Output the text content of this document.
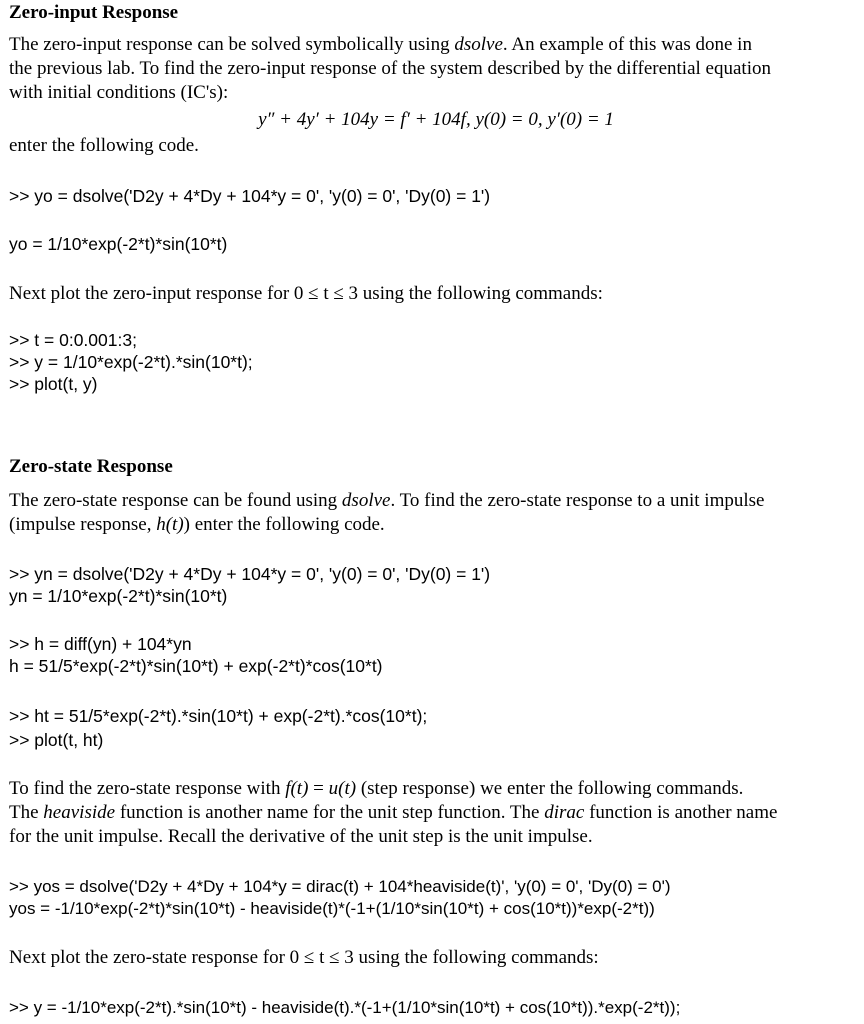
Zero-input Response
The zero-input response can be solved symbolically using dsolve. An example of this was done in
the previous lab. To find the zero-input response of the system described by the differential equation
with initial conditions (IC's):
y″ + 4y′ + 104y = f′ + 104f, y(0) = 0, y′(0) = 1
enter the following code.
>> yo = dsolve('D2y + 4*Dy + 104*y = 0', 'y(0) = 0', 'Dy(0) = 1')
yo = 1/10*exp(-2*t)*sin(10*t)
Next plot the zero-input response for 0 ≤ t ≤ 3 using the following commands:
>> t = 0:0.001:3;
>> y = 1/10*exp(-2*t).*sin(10*t);
>> plot(t, y)
Zero-state Response
The zero-state response can be found using dsolve. To find the zero-state response to a unit impulse
(impulse response, h(t)) enter the following code.
>> yn = dsolve('D2y + 4*Dy + 104*y = 0', 'y(0) = 0', 'Dy(0) = 1')
yn = 1/10*exp(-2*t)*sin(10*t)
>> h = diff(yn) + 104*yn
h = 51/5*exp(-2*t)*sin(10*t) + exp(-2*t)*cos(10*t)
>> ht = 51/5*exp(-2*t).*sin(10*t) + exp(-2*t).*cos(10*t);
>> plot(t, ht)
To find the zero-state response with f(t) = u(t) (step response) we enter the following commands.
The heaviside function is another name for the unit step function. The dirac function is another name
for the unit impulse. Recall the derivative of the unit step is the unit impulse.
>> yos = dsolve('D2y + 4*Dy + 104*y = dirac(t) + 104*heaviside(t)', 'y(0) = 0', 'Dy(0) = 0')
yos = -1/10*exp(-2*t)*sin(10*t) - heaviside(t)*(-1+(1/10*sin(10*t) + cos(10*t))*exp(-2*t))
Next plot the zero-state response for 0 ≤ t ≤ 3 using the following commands:
>> y = -1/10*exp(-2*t).*sin(10*t) - heaviside(t).*(-1+(1/10*sin(10*t) + cos(10*t)).*exp(-2*t));
